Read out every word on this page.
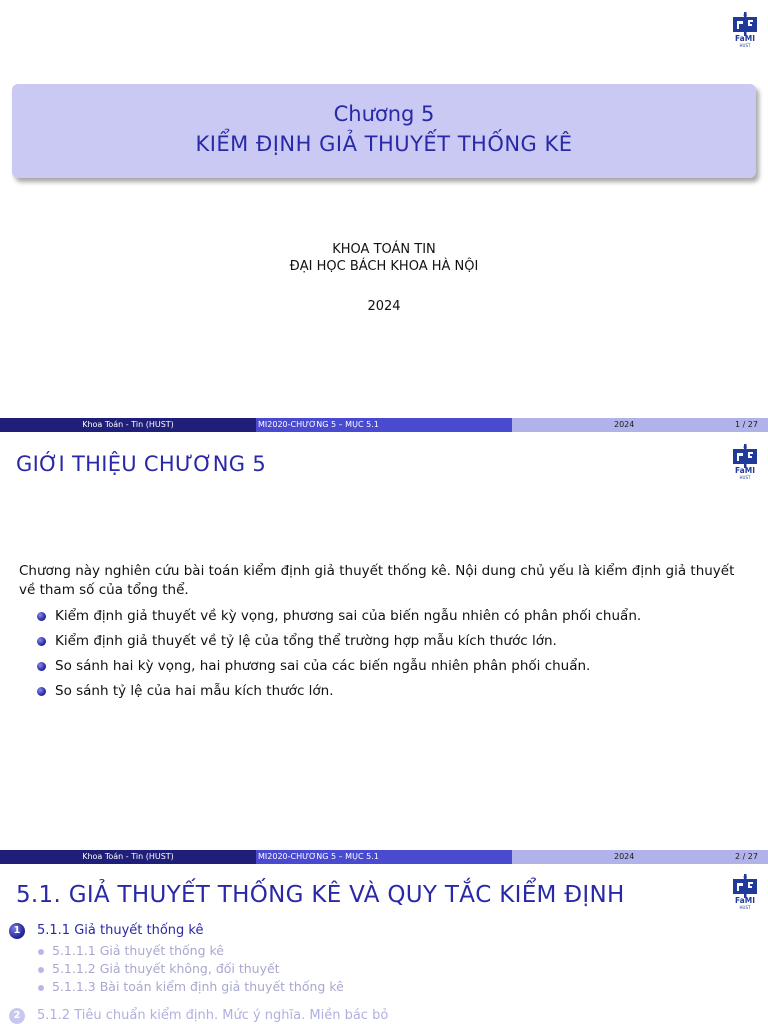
FaMI
HUST
Chương 5
KIỂM ĐỊNH GIẢ THUYẾT THỐNG KÊ
KHOA TOÁN TIN
ĐẠI HỌC BÁCH KHOA HÀ NỘI
2024
Khoa Toán - Tin (HUST)	MI2020-CHƯƠNG 5 – MỤC 5.1	2024	1 / 27
GIỚI THIỆU CHƯƠNG 5	FaMI
HUST
Chương này nghiên cứu bài toán kiểm định giả thuyết thống kê. Nội dung chủ yếu là kiểm định giả thuyết về tham số của tổng thể.
Kiểm định giả thuyết về kỳ vọng, phương sai của biến ngẫu nhiên có phân phối chuẩn.
Kiểm định giả thuyết về tỷ lệ của tổng thể trường hợp mẫu kích thước lớn.
So sánh hai kỳ vọng, hai phương sai của các biến ngẫu nhiên phân phối chuẩn.
So sánh tỷ lệ của hai mẫu kích thước lớn.
Khoa Toán - Tin (HUST)	MI2020-CHƯƠNG 5 – MỤC 5.1	2024	2 / 27
5.1. GIẢ THUYẾT THỐNG KÊ VÀ QUY TẮC KIỂM ĐỊNH	FaMI
HUST
1	5.1.1 Giả thuyết thống kê
5.1.1.1 Giả thuyết thống kê
5.1.1.2 Giả thuyết không, đối thuyết
5.1.1.3 Bài toán kiểm định giả thuyết thống kê
2	5.1.2 Tiêu chuẩn kiểm định. Mức ý nghĩa. Miền bác bỏ
